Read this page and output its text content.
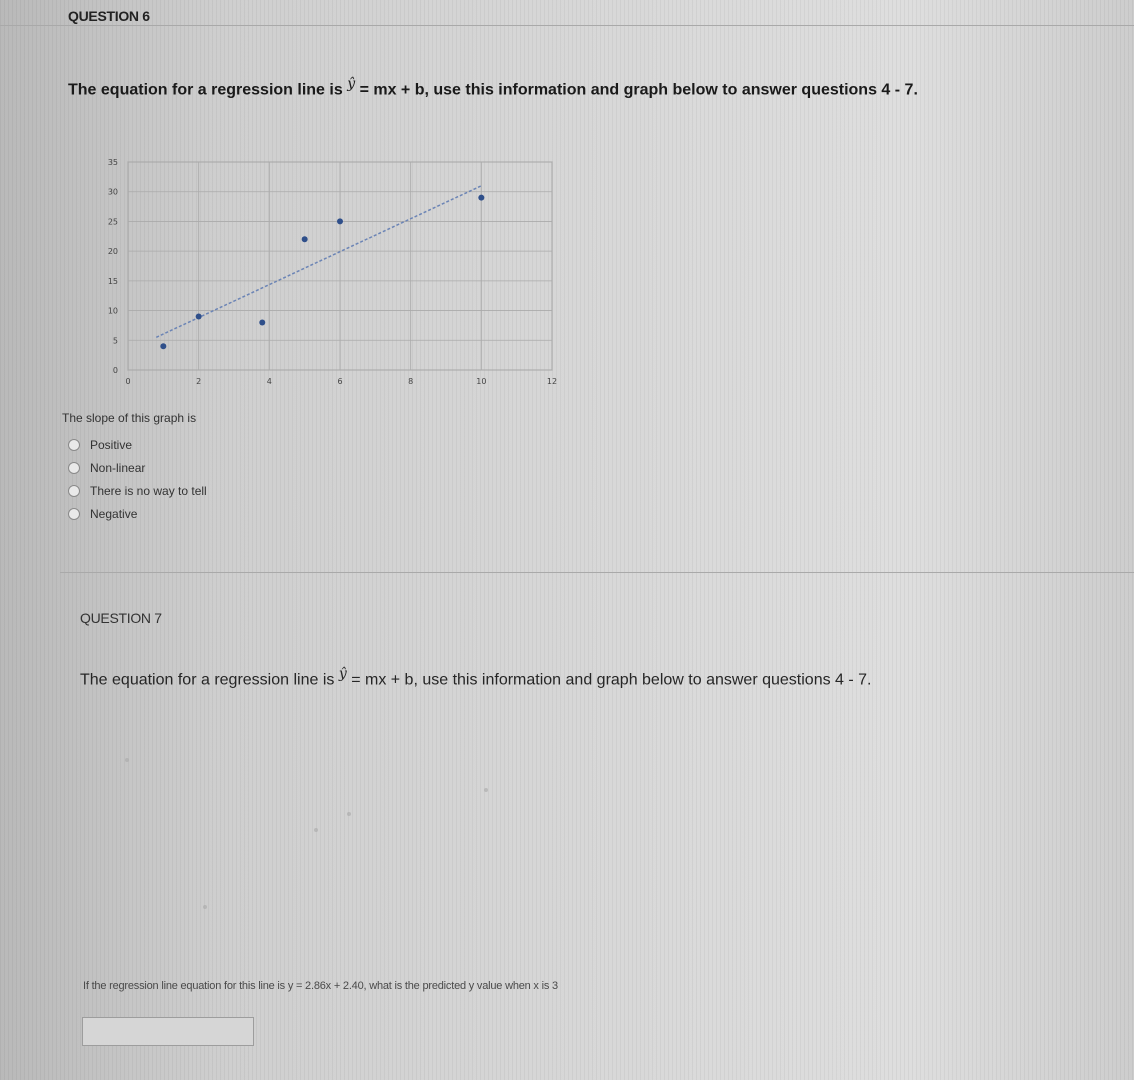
QUESTION 6
The equation for a regression line is ŷ = mx + b, use this information and graph below to answer questions 4 - 7.
0
5
10
15
20
25
30
35
0	2	4	6	8	10	12
The slope of this graph is
Positive
Non-linear
There is no way to tell
Negative
QUESTION 7
The equation for a regression line is ŷ = mx + b, use this information and graph below to answer questions 4 - 7.
If the regression line equation for this line is y = 2.86x + 2.40, what is the predicted y value when x is 3
